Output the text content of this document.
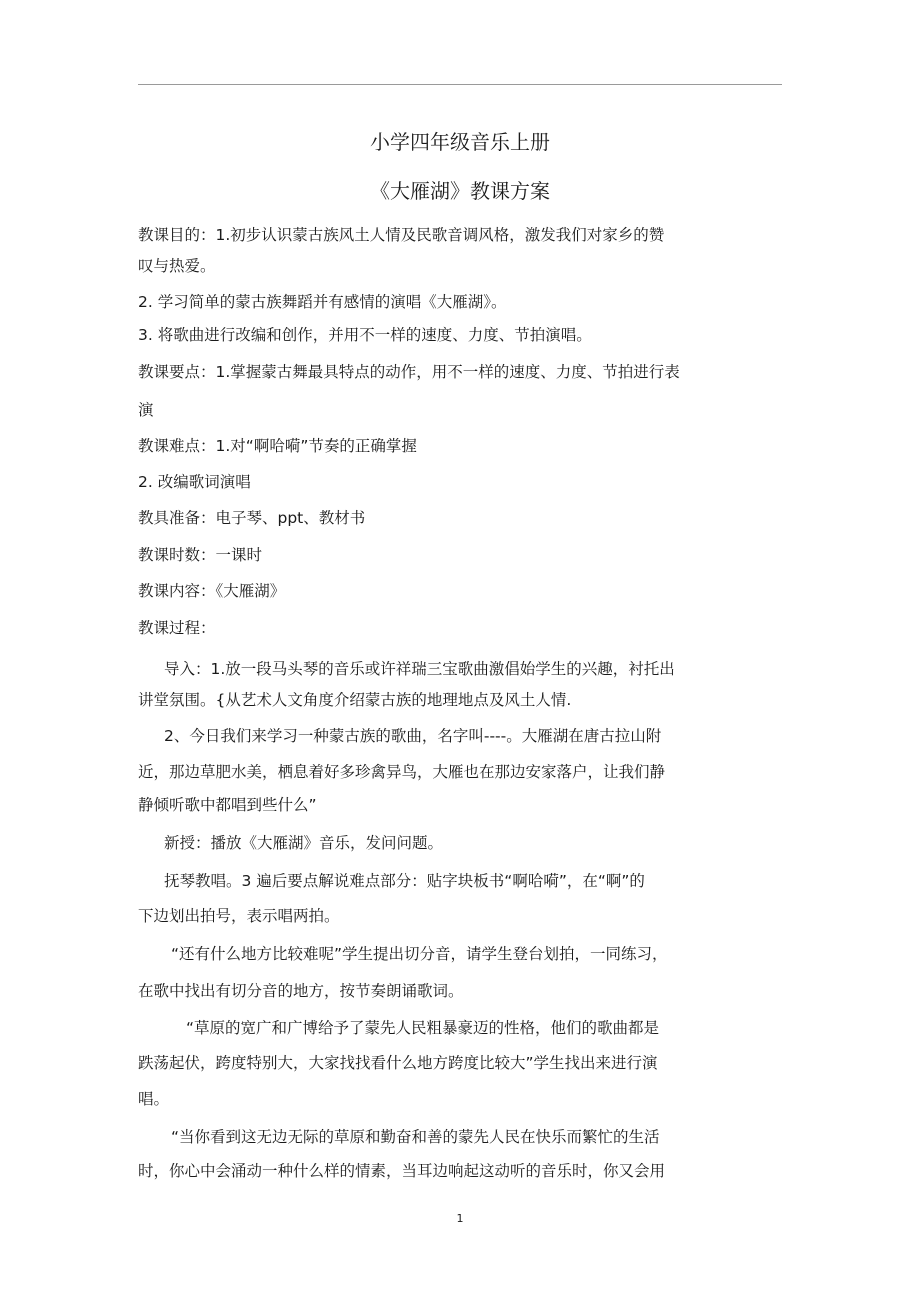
小学四年级音乐上册
《大雁湖》教课方案
教课目的：1.初步认识蒙古族风土人情及民歌音调风格，激发我们对家乡的赞
叹与热爱。
2. 学习简单的蒙古族舞蹈并有感情的演唱《大雁湖》。
3. 将歌曲进行改编和创作，并用不一样的速度、力度、节拍演唱。
教课要点：1.掌握蒙古舞最具特点的动作，用不一样的速度、力度、节拍进行表
演
教课难点：1.对“啊哈嗬”节奏的正确掌握
2. 改编歌词演唱
教具准备：电子琴、ppt、教材书
教课时数：一课时
教课内容：《大雁湖》
教课过程：
导入：1.放一段马头琴的音乐或许祥瑞三宝歌曲激倡始学生的兴趣，衬托出
讲堂氛围。{从艺术人文角度介绍蒙古族的地理地点及风土人情.
2、今日我们来学习一种蒙古族的歌曲，名字叫----。大雁湖在唐古拉山附
近，那边草肥水美，栖息着好多珍禽异鸟，大雁也在那边安家落户，让我们静
静倾听歌中都唱到些什么”
新授：播放《大雁湖》音乐，发问问题。
抚琴教唱。3 遍后要点解说难点部分：贴字块板书“啊哈嗬”，在“啊”的
下边划出拍号，表示唱两拍。
“还有什么地方比较难呢”学生提出切分音，请学生登台划拍，一同练习，
在歌中找出有切分音的地方，按节奏朗诵歌词。
“草原的宽广和广博给予了蒙先人民粗暴豪迈的性格，他们的歌曲都是
跌荡起伏，跨度特别大，大家找找看什么地方跨度比较大”学生找出来进行演
唱。
“当你看到这无边无际的草原和勤奋和善的蒙先人民在快乐而繁忙的生活
时，你心中会涌动一种什么样的情素，当耳边响起这动听的音乐时，你又会用
1
